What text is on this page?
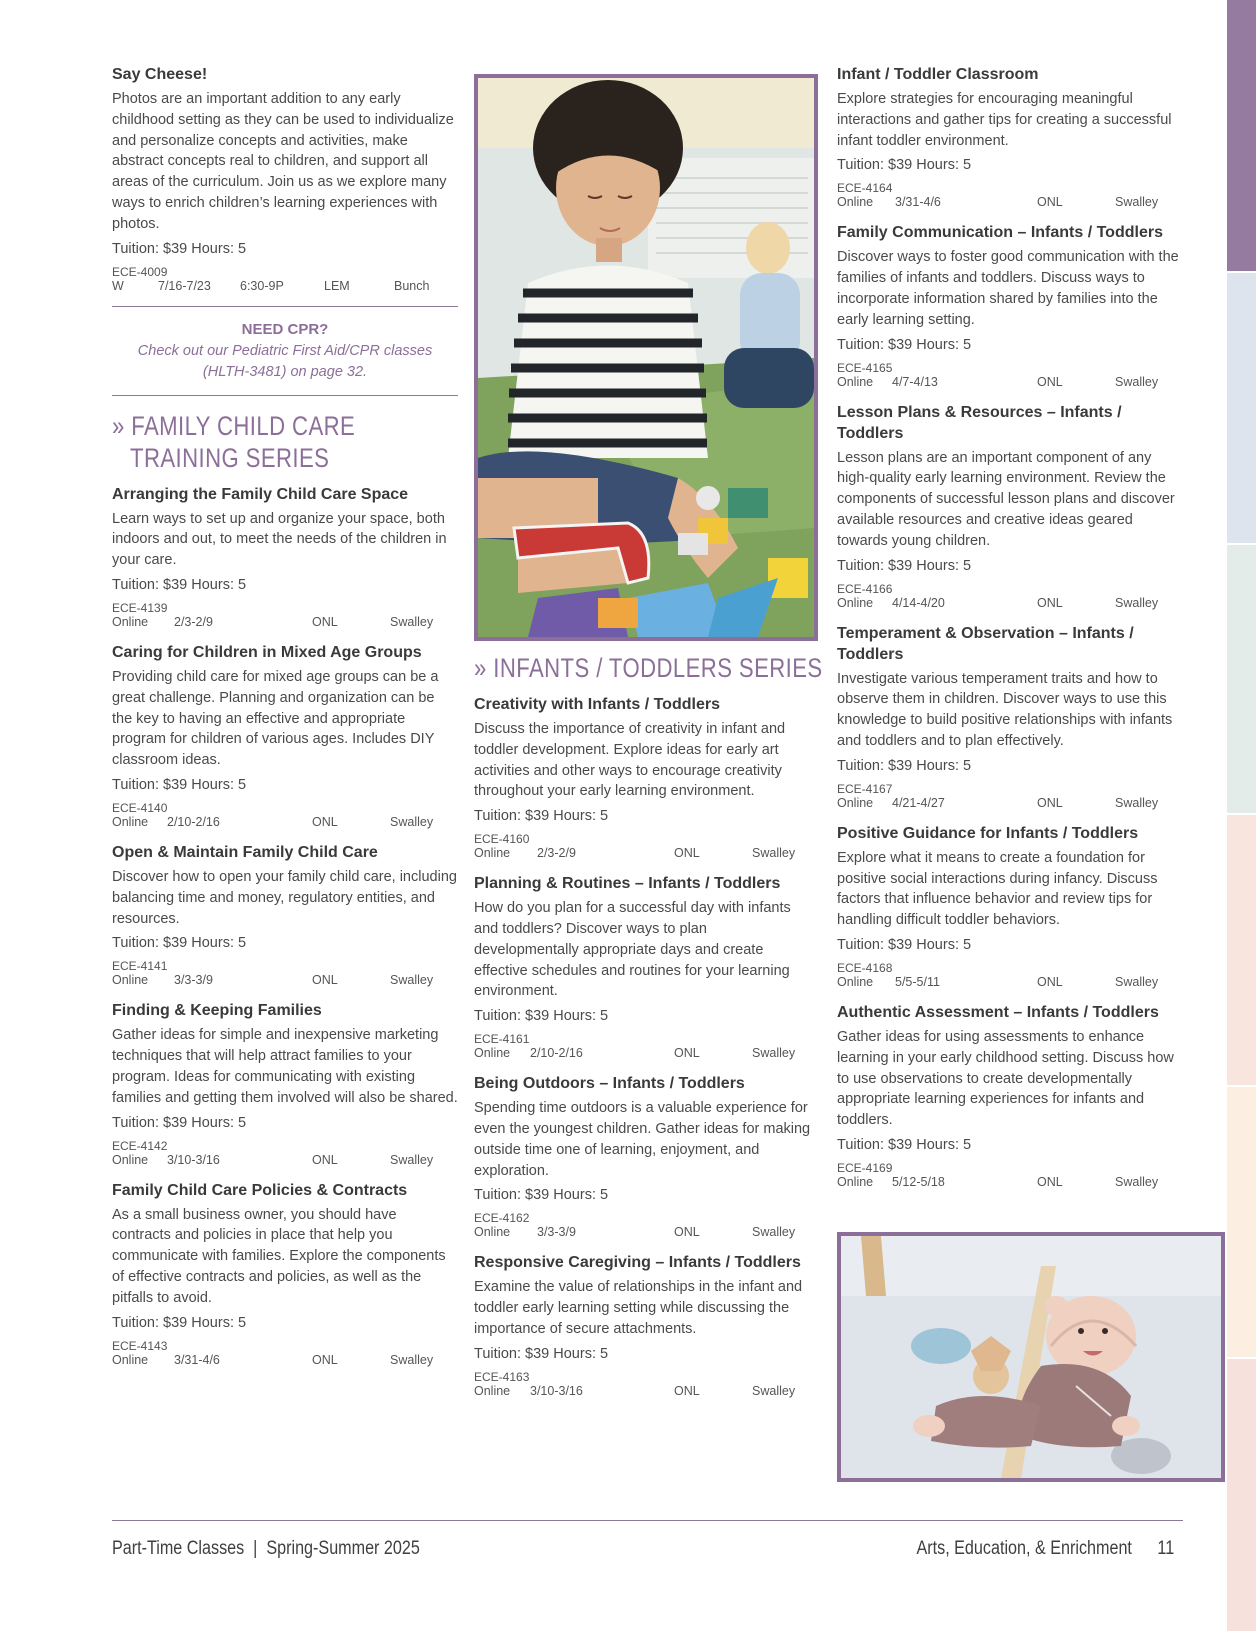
Say Cheese!
Photos are an important addition to any early childhood setting as they can be used to individualize and personalize concepts and activities, make abstract concepts real to children, and support all areas of the curriculum. Join us as we explore many ways to enrich children’s learning experiences with photos.
Tuition: $39 Hours: 5
ECE-4009
W	7/16-7/23 6:30-9P	LEM	Bunch
NEED CPR?
Check out our Pediatric First Aid/CPR classes
(HLTH-3481) on page 32.
» FAMILY CHILD CARE
TRAINING SERIES
Arranging the Family Child Care Space
Learn ways to set up and organize your space, both indoors and out, to meet the needs of the children in your care.
Tuition: $39 Hours: 5
ECE-4139
Online 2/3-2/9	ONL	Swalley
Caring for Children in Mixed Age Groups
Providing child care for mixed age groups can be a great challenge. Planning and organization can be the key to having an effective and appropriate program for children of various ages. Includes DIY classroom ideas.
Tuition: $39 Hours: 5
ECE-4140
Online 2/10-2/16	ONL	Swalley
Open & Maintain Family Child Care
Discover how to open your family child care, including balancing time and money, regulatory entities, and resources.
Tuition: $39 Hours: 5
ECE-4141
Online 3/3-3/9	ONL	Swalley
Finding & Keeping Families
Gather ideas for simple and inexpensive marketing techniques that will help attract families to your program. Ideas for communicating with existing families and getting them involved will also be shared.
Tuition: $39 Hours: 5
ECE-4142
Online 3/10-3/16	ONL	Swalley
Family Child Care Policies & Contracts
As a small business owner, you should have contracts and policies in place that help you communicate with families. Explore the components of effective contracts and policies, as well as the pitfalls to avoid.
Tuition: $39 Hours: 5
ECE-4143
Online 3/31-4/6	ONL	Swalley
» INFANTS / TODDLERS SERIES
Creativity with Infants / Toddlers
Discuss the importance of creativity in infant and toddler development. Explore ideas for early art activities and other ways to encourage creativity throughout your early learning environment.
Tuition: $39 Hours: 5
ECE-4160
Online 2/3-2/9	ONL	Swalley
Planning & Routines – Infants / Toddlers
How do you plan for a successful day with infants and toddlers? Discover ways to plan developmentally appropriate days and create effective schedules and routines for your learning environment.
Tuition: $39 Hours: 5
ECE-4161
Online 2/10-2/16	ONL	Swalley
Being Outdoors – Infants / Toddlers
Spending time outdoors is a valuable experience for even the youngest children. Gather ideas for making outside time one of learning, enjoyment, and exploration.
Tuition: $39 Hours: 5
ECE-4162
Online 3/3-3/9	ONL	Swalley
Responsive Caregiving – Infants / Toddlers
Examine the value of relationships in the infant and toddler early learning setting while discussing the importance of secure attachments.
Tuition: $39 Hours: 5
ECE-4163
Online 3/10-3/16	ONL	Swalley
Infant / Toddler Classroom
Explore strategies for encouraging meaningful interactions and gather tips for creating a successful infant toddler environment.
Tuition: $39 Hours: 5
ECE-4164
Online 3/31-4/6	ONL	Swalley
Family Communication – Infants / Toddlers
Discover ways to foster good communication with the families of infants and toddlers. Discuss ways to incorporate information shared by families into the early learning setting.
Tuition: $39 Hours: 5
ECE-4165
Online 4/7-4/13	ONL	Swalley
Lesson Plans & Resources – Infants / Toddlers
Lesson plans are an important component of any high-quality early learning environment. Review the components of successful lesson plans and discover available resources and creative ideas geared towards young children.
Tuition: $39 Hours: 5
ECE-4166
Online 4/14-4/20	ONL	Swalley
Temperament & Observation – Infants / Toddlers
Investigate various temperament traits and how to observe them in children. Discover ways to use this knowledge to build positive relationships with infants and toddlers and to plan effectively.
Tuition: $39 Hours: 5
ECE-4167
Online 4/21-4/27	ONL	Swalley
Positive Guidance for Infants / Toddlers
Explore what it means to create a foundation for positive social interactions during infancy. Discuss factors that influence behavior and review tips for handling difficult toddler behaviors.
Tuition: $39 Hours: 5
ECE-4168
Online 5/5-5/11	ONL	Swalley
Authentic Assessment – Infants / Toddlers
Gather ideas for using assessments to enhance learning in your early childhood setting. Discuss how to use observations to create developmentally appropriate learning experiences for infants and toddlers.
Tuition: $39 Hours: 5
ECE-4169
Online 5/12-5/18	ONL	Swalley
Part-Time Classes  |  Spring-Summer 2025	Arts, Education, & Enrichment 11
